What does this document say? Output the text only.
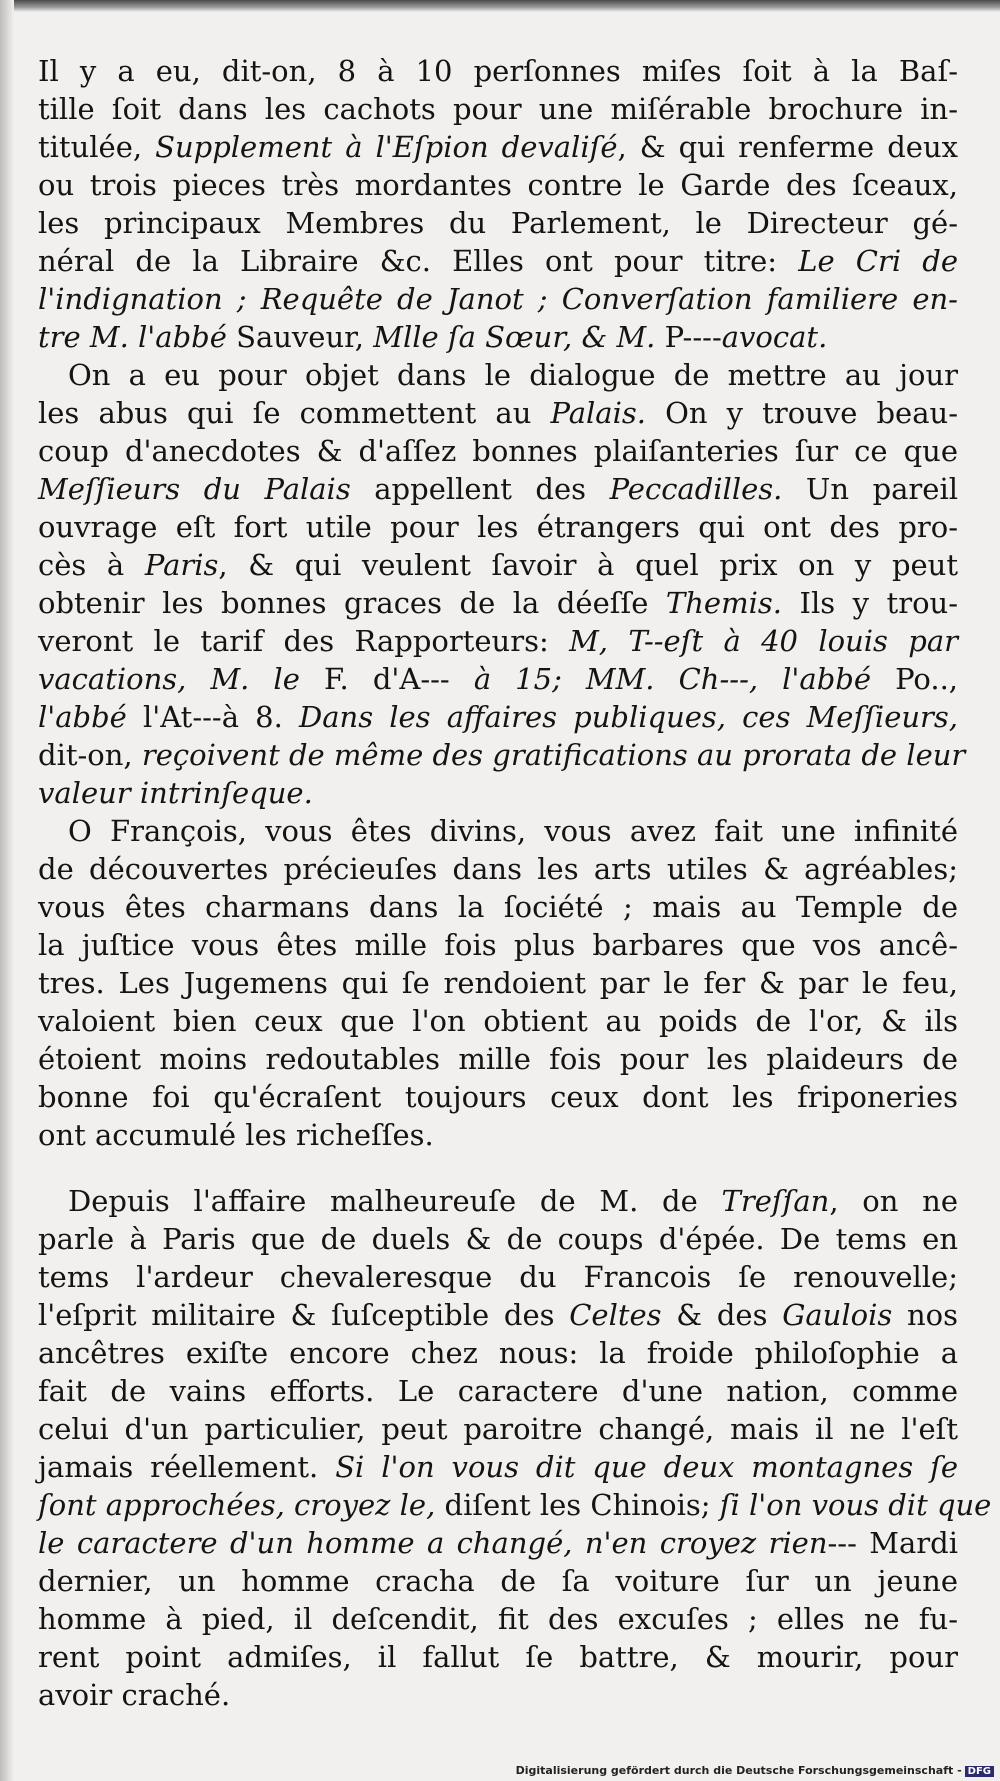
Il y a eu, dit-on, 8 à 10 perſonnes miſes ſoit à la Baſ-
tille ſoit dans les cachots pour une miſérable brochure in-
titulée, Supplement à l'Eſpion devaliſé, & qui renferme deux
ou trois pieces très mordantes contre le Garde des ſceaux,
les principaux Membres du Parlement, le Directeur gé-
néral de la Libraire &c. Elles ont pour titre: Le Cri de
l'indignation ; Requête de Janot ; Converſation familiere en-
tre M. l'abbé Sauveur, Mlle ſa Sœur, & M. P----avocat.
On a eu pour objet dans le dialogue de mettre au jour
les abus qui ſe commettent au Palais. On y trouve beau-
coup d'anecdotes & d'aſſez bonnes plaiſanteries ſur ce que
Meſſieurs du Palais appellent des Peccadilles. Un pareil
ouvrage eſt fort utile pour les étrangers qui ont des pro-
cès à Paris, & qui veulent ſavoir à quel prix on y peut
obtenir les bonnes graces de la déeſſe Themis. Ils y trou-
veront le tarif des Rapporteurs: M, T--eſt à 40 louis par
vacations, M. le F. d'A--- à 15; MM. Ch---, l'abbé Po..,
l'abbé l'At---à 8. Dans les affaires publiques, ces Meſſieurs,
dit-on, reçoivent de même des gratifications au prorata de leur
valeur intrinſeque.
O François, vous êtes divins, vous avez fait une infinité
de découvertes précieuſes dans les arts utiles & agréables;
vous êtes charmans dans la ſociété ; mais au Temple de
la juſtice vous êtes mille fois plus barbares que vos ancê-
tres. Les Jugemens qui ſe rendoient par le fer & par le feu,
valoient bien ceux que l'on obtient au poids de l'or, & ils
étoient moins redoutables mille fois pour les plaideurs de
bonne foi qu'écraſent toujours ceux dont les friponeries
ont accumulé les richeſſes.
Depuis l'affaire malheureuſe de M. de Treſſan, on ne
parle à Paris que de duels & de coups d'épée. De tems en
tems l'ardeur chevaleresque du Francois ſe renouvelle;
l'eſprit militaire & ſuſceptible des Celtes & des Gaulois nos
ancêtres exiſte encore chez nous: la froide philoſophie a
fait de vains efforts. Le caractere d'une nation, comme
celui d'un particulier, peut paroitre changé, mais il ne l'eſt
jamais réellement. Si l'on vous dit que deux montagnes ſe
ſont approchées, croyez le, diſent les Chinois; ſi l'on vous dit que
le caractere d'un homme a changé, n'en croyez rien--- Mardi
dernier, un homme cracha de ſa voiture ſur un jeune
homme à pied, il deſcendit, fit des excuſes ; elles ne fu-
rent point admiſes, il fallut ſe battre, & mourir, pour
avoir craché.
Digitalisierung gefördert durch die Deutsche Forschungsgemeinschaft - DFG
